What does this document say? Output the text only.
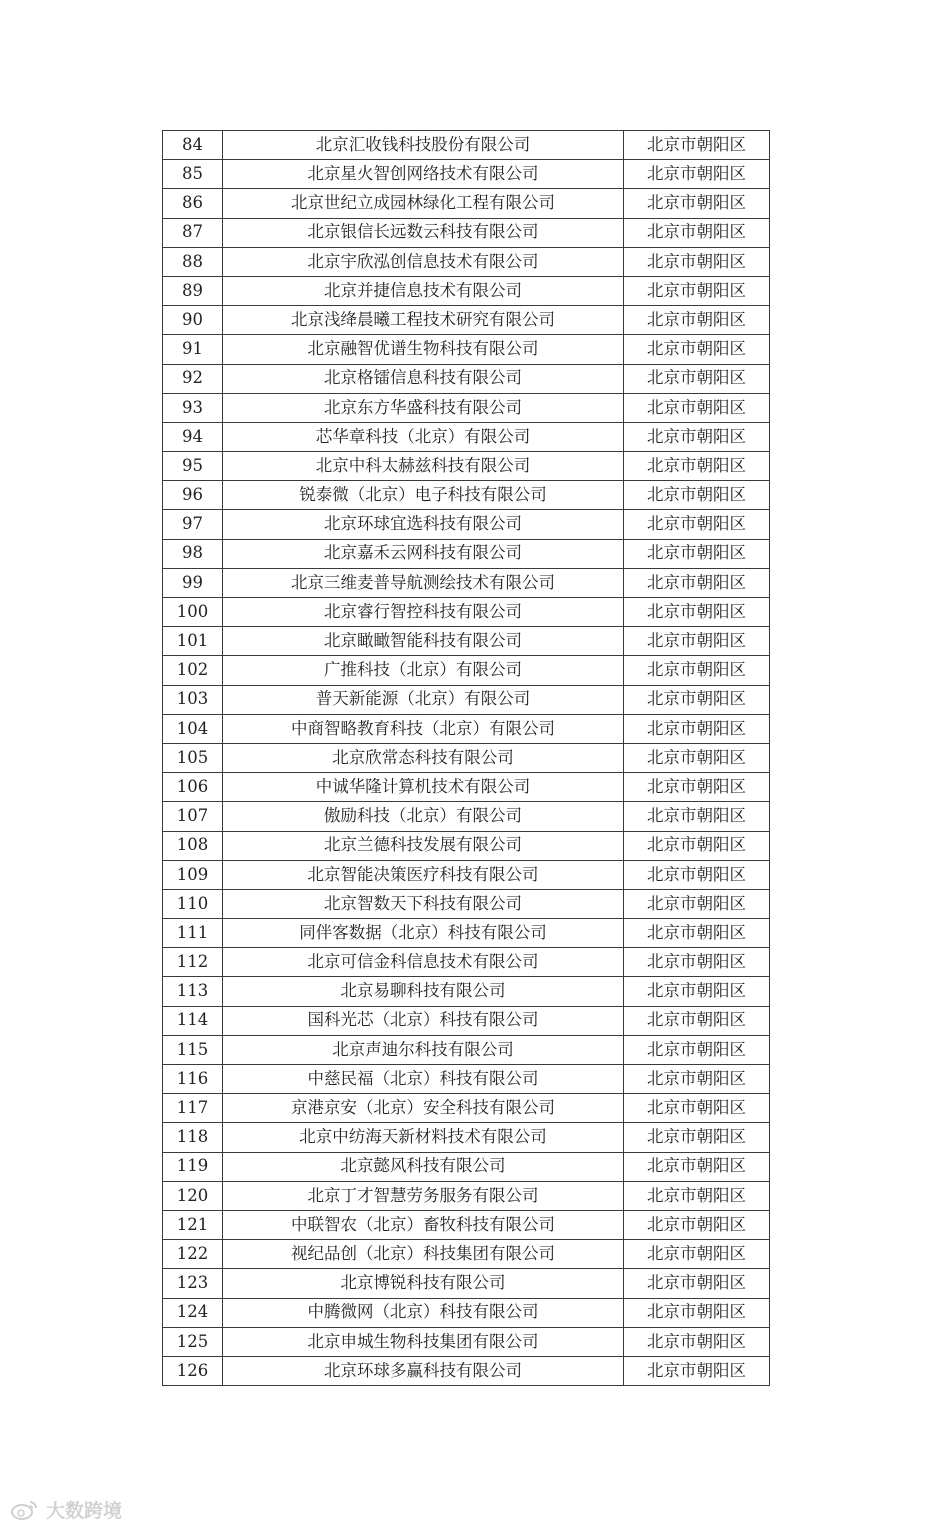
84	北京汇收钱科技股份有限公司	北京市朝阳区
85	北京星火智创网络技术有限公司	北京市朝阳区
86	北京世纪立成园林绿化工程有限公司	北京市朝阳区
87	北京银信长远数云科技有限公司	北京市朝阳区
88	北京宇欣泓创信息技术有限公司	北京市朝阳区
89	北京并捷信息技术有限公司	北京市朝阳区
90	北京浅绛晨曦工程技术研究有限公司	北京市朝阳区
91	北京融智优谱生物科技有限公司	北京市朝阳区
92	北京格镭信息科技有限公司	北京市朝阳区
93	北京东方华盛科技有限公司	北京市朝阳区
94	芯华章科技（北京）有限公司	北京市朝阳区
95	北京中科太赫兹科技有限公司	北京市朝阳区
96	锐泰微（北京）电子科技有限公司	北京市朝阳区
97	北京环球宜选科技有限公司	北京市朝阳区
98	北京嘉禾云网科技有限公司	北京市朝阳区
99	北京三维麦普导航测绘技术有限公司	北京市朝阳区
100	北京睿行智控科技有限公司	北京市朝阳区
101	北京瞰瞰智能科技有限公司	北京市朝阳区
102	广推科技（北京）有限公司	北京市朝阳区
103	普天新能源（北京）有限公司	北京市朝阳区
104	中商智略教育科技（北京）有限公司	北京市朝阳区
105	北京欣常态科技有限公司	北京市朝阳区
106	中诚华隆计算机技术有限公司	北京市朝阳区
107	傲励科技（北京）有限公司	北京市朝阳区
108	北京兰德科技发展有限公司	北京市朝阳区
109	北京智能决策医疗科技有限公司	北京市朝阳区
110	北京智数天下科技有限公司	北京市朝阳区
111	同伴客数据（北京）科技有限公司	北京市朝阳区
112	北京可信金科信息技术有限公司	北京市朝阳区
113	北京易聊科技有限公司	北京市朝阳区
114	国科光芯（北京）科技有限公司	北京市朝阳区
115	北京声迪尔科技有限公司	北京市朝阳区
116	中慈民福（北京）科技有限公司	北京市朝阳区
117	京港京安（北京）安全科技有限公司	北京市朝阳区
118	北京中纺海天新材料技术有限公司	北京市朝阳区
119	北京懿风科技有限公司	北京市朝阳区
120	北京丁才智慧劳务服务有限公司	北京市朝阳区
121	中联智农（北京）畜牧科技有限公司	北京市朝阳区
122	视纪品创（北京）科技集团有限公司	北京市朝阳区
123	北京博锐科技有限公司	北京市朝阳区
124	中腾微网（北京）科技有限公司	北京市朝阳区
125	北京申城生物科技集团有限公司	北京市朝阳区
126	北京环球多赢科技有限公司	北京市朝阳区
大数跨境
